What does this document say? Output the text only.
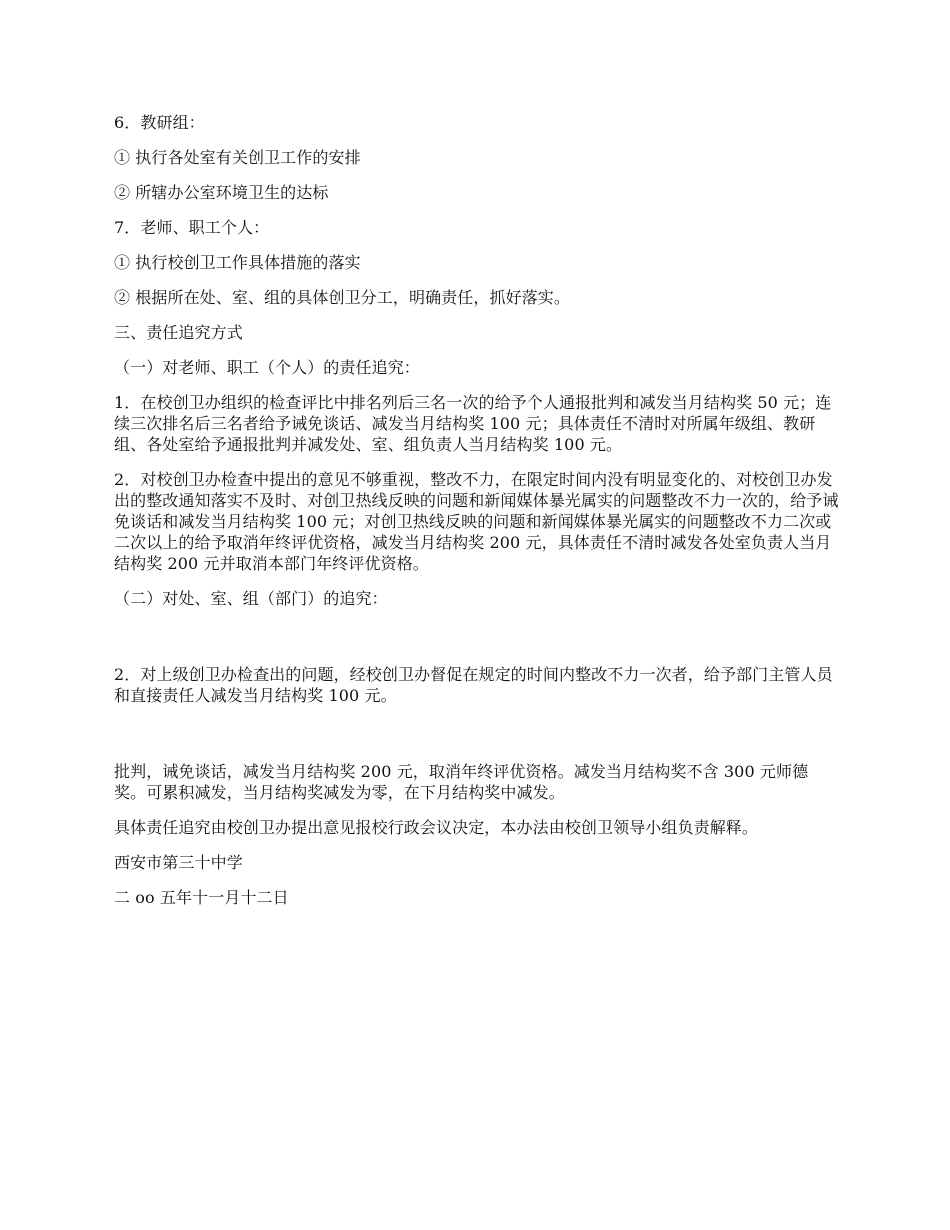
6．教研组：

① 执行各处室有关创卫工作的安排

② 所辖办公室环境卫生的达标

7．老师、职工个人：

① 执行校创卫工作具体措施的落实

② 根据所在处、室、组的具体创卫分工，明确责任，抓好落实。

三、责任追究方式

（一）对老师、职工（个人）的责任追究：

1．在校创卫办组织的检查评比中排名列后三名一次的给予个人通报批判和减发当月结构奖 50 元；连续三次排名后三名者给予诫免谈话、减发当月结构奖 100 元；具体责任不清时对所属年级组、教研组、各处室给予通报批判并减发处、室、组负责人当月结构奖 100 元。

2．对校创卫办检查中提出的意见不够重视，整改不力，在限定时间内没有明显变化的、对校创卫办发出的整改通知落实不及时、对创卫热线反映的问题和新闻媒体暴光属实的问题整改不力一次的，给予诫免谈话和减发当月结构奖 100 元；对创卫热线反映的问题和新闻媒体暴光属实的问题整改不力二次或二次以上的给予取消年终评优资格，减发当月结构奖 200 元，具体责任不清时减发各处室负责人当月结构奖 200 元并取消本部门年终评优资格。

（二）对处、室、组（部门）的追究：

2．对上级创卫办检查出的问题，经校创卫办督促在规定的时间内整改不力一次者，给予部门主管人员和直接责任人减发当月结构奖 100 元。

批判，诫免谈话，减发当月结构奖 200 元，取消年终评优资格。减发当月结构奖不含 300 元师德奖。可累积减发，当月结构奖减发为零，在下月结构奖中减发。

具体责任追究由校创卫办提出意见报校行政会议决定，本办法由校创卫领导小组负责解释。

西安市第三十中学

二 oo 五年十一月十二日
